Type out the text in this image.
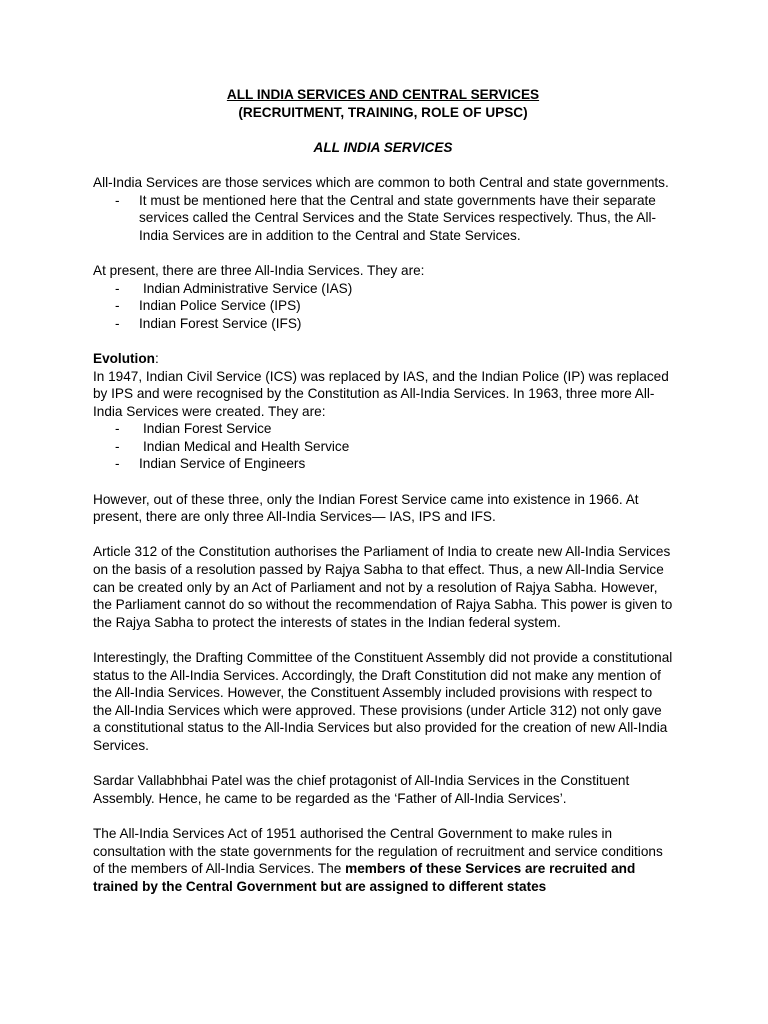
ALL INDIA SERVICES AND CENTRAL SERVICES
(RECRUITMENT, TRAINING, ROLE OF UPSC)
ALL INDIA SERVICES

All-India Services are those services which are common to both Central and state governments.

- It must be mentioned here that the Central and state governments have their separate services called the Central Services and the State Services respectively. Thus, the All-India Services are in addition to the Central and State Services.

At present, there are three All-India Services. They are:

- Indian Administrative Service (IAS)
- Indian Police Service (IPS)
- Indian Forest Service (IFS)
Evolution:

In 1947, Indian Civil Service (ICS) was replaced by IAS, and the Indian Police (IP) was replaced by IPS and were recognised by the Constitution as All-India Services. In 1963, three more All-India Services were created. They are:

- Indian Forest Service
- Indian Medical and Health Service
- Indian Service of Engineers

However, out of these three, only the Indian Forest Service came into existence in 1966. At present, there are only three All-India Services— IAS, IPS and IFS.

Article 312 of the Constitution authorises the Parliament of India to create new All-India Services on the basis of a resolution passed by Rajya Sabha to that effect. Thus, a new All-India Service can be created only by an Act of Parliament and not by a resolution of Rajya Sabha. However, the Parliament cannot do so without the recommendation of Rajya Sabha. This power is given to the Rajya Sabha to protect the interests of states in the Indian federal system.

Interestingly, the Drafting Committee of the Constituent Assembly did not provide a constitutional status to the All-India Services. Accordingly, the Draft Constitution did not make any mention of the All-India Services. However, the Constituent Assembly included provisions with respect to the All-India Services which were approved. These provisions (under Article 312) not only gave a constitutional status to the All-India Services but also provided for the creation of new All-India Services.

Sardar Vallabhbhai Patel was the chief protagonist of All-India Services in the Constituent Assembly. Hence, he came to be regarded as the ‘Father of All-India Services’.

The All-India Services Act of 1951 authorised the Central Government to make rules in consultation with the state governments for the regulation of recruitment and service conditions of the members of All-India Services. The members of these Services are recruited and trained by the Central Government but are assigned to different states
